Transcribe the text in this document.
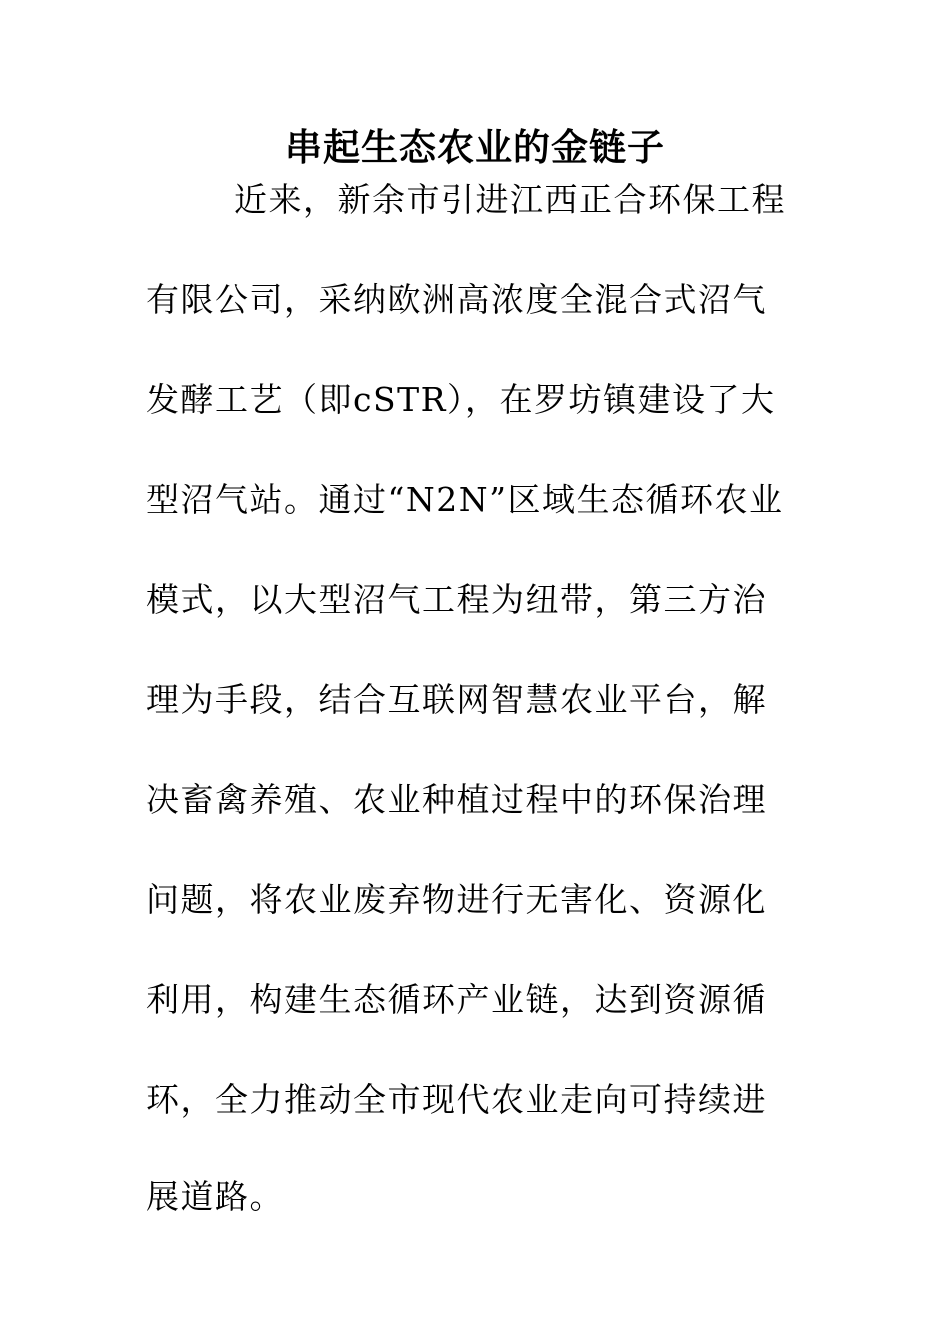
串起生态农业的金链子
近来，新余市引进江西正合环保工程
有限公司，采纳欧洲高浓度全混合式沼气
发酵工艺（即cSTR），在罗坊镇建设了大
型沼气站。通过“N2N”区域生态循环农业
模式，以大型沼气工程为纽带，第三方治
理为手段，结合互联网智慧农业平台，解
决畜禽养殖、农业种植过程中的环保治理
问题，将农业废弃物进行无害化、资源化
利用，构建生态循环产业链，达到资源循
环，全力推动全市现代农业走向可持续进
展道路。
